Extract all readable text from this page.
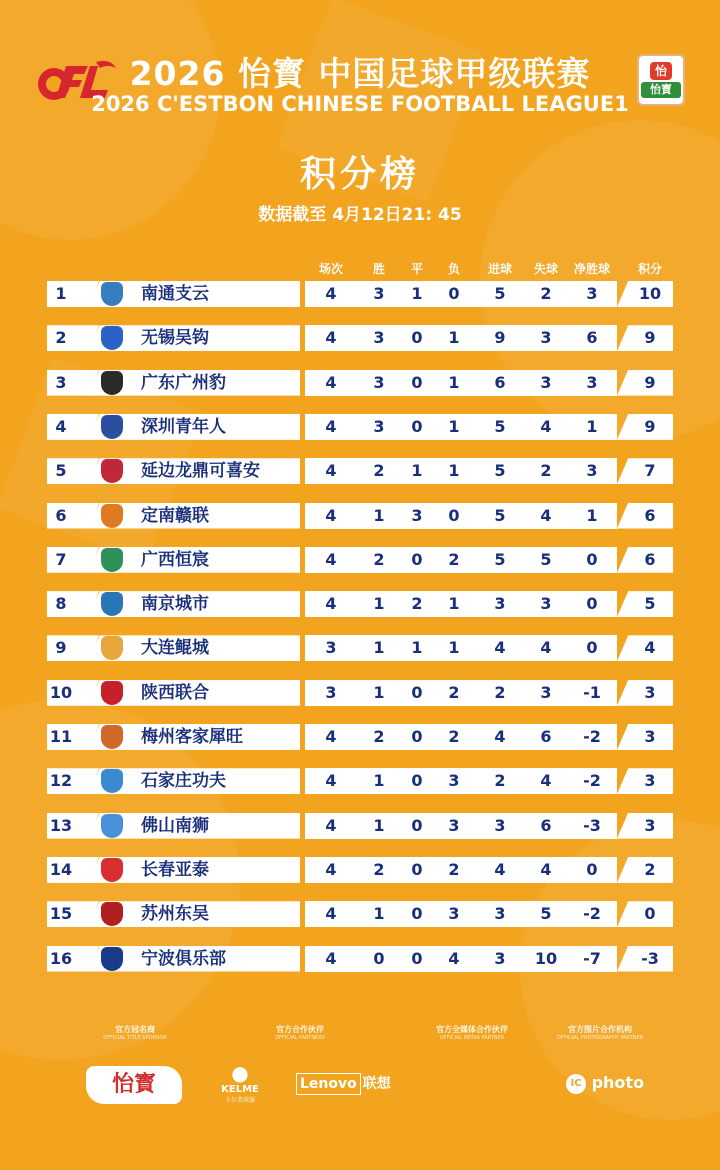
2026 怡寳 中国足球甲级联赛
2026 C'ESTBON CHINESE FOOTBALL LEAGUE1
怡
怡寳
积分榜
数据截至 4月12日21: 45
场次	胜	平	负	进球	失球	净胜球	积分
1	南通支云	4	3	1	0	5	2	3	10
2	无锡吴钩	4	3	0	1	9	3	6	9
3	广东广州豹	4	3	0	1	6	3	3	9
4	深圳青年人	4	3	0	1	5	4	1	9
5	延边龙鼎可喜安	4	2	1	1	5	2	3	7
6	定南赣联	4	1	3	0	5	4	1	6
7	广西恒宸	4	2	0	2	5	5	0	6
8	南京城市	4	1	2	1	3	3	0	5
9	大连鲲城	3	1	1	1	4	4	0	4
10	陕西联合	3	1	0	2	2	3	-1	3
11	梅州客家犀旺	4	2	0	2	4	6	-2	3
12	石家庄功夫	4	1	0	3	2	4	-2	3
13	佛山南狮	4	1	0	3	3	6	-3	3
14	长春亚泰	4	2	0	2	4	4	0	2
15	苏州东吴	4	1	0	3	3	5	-2	0
16	宁波俱乐部	4	0	0	4	3	10	-7	-3
官方冠名商
OFFICIAL TITLE SPONSOR
官方合作伙伴
OFFICIAL PARTNERS
官方全媒体合作伙伴
OFFICIAL MEDIA PARTNER
官方图片合作机构
OFFICIAL PHOTOGRAPHY PARTNER
怡寳	●
KELME
卡尔美球服
Lenovo 联想	IC photo
